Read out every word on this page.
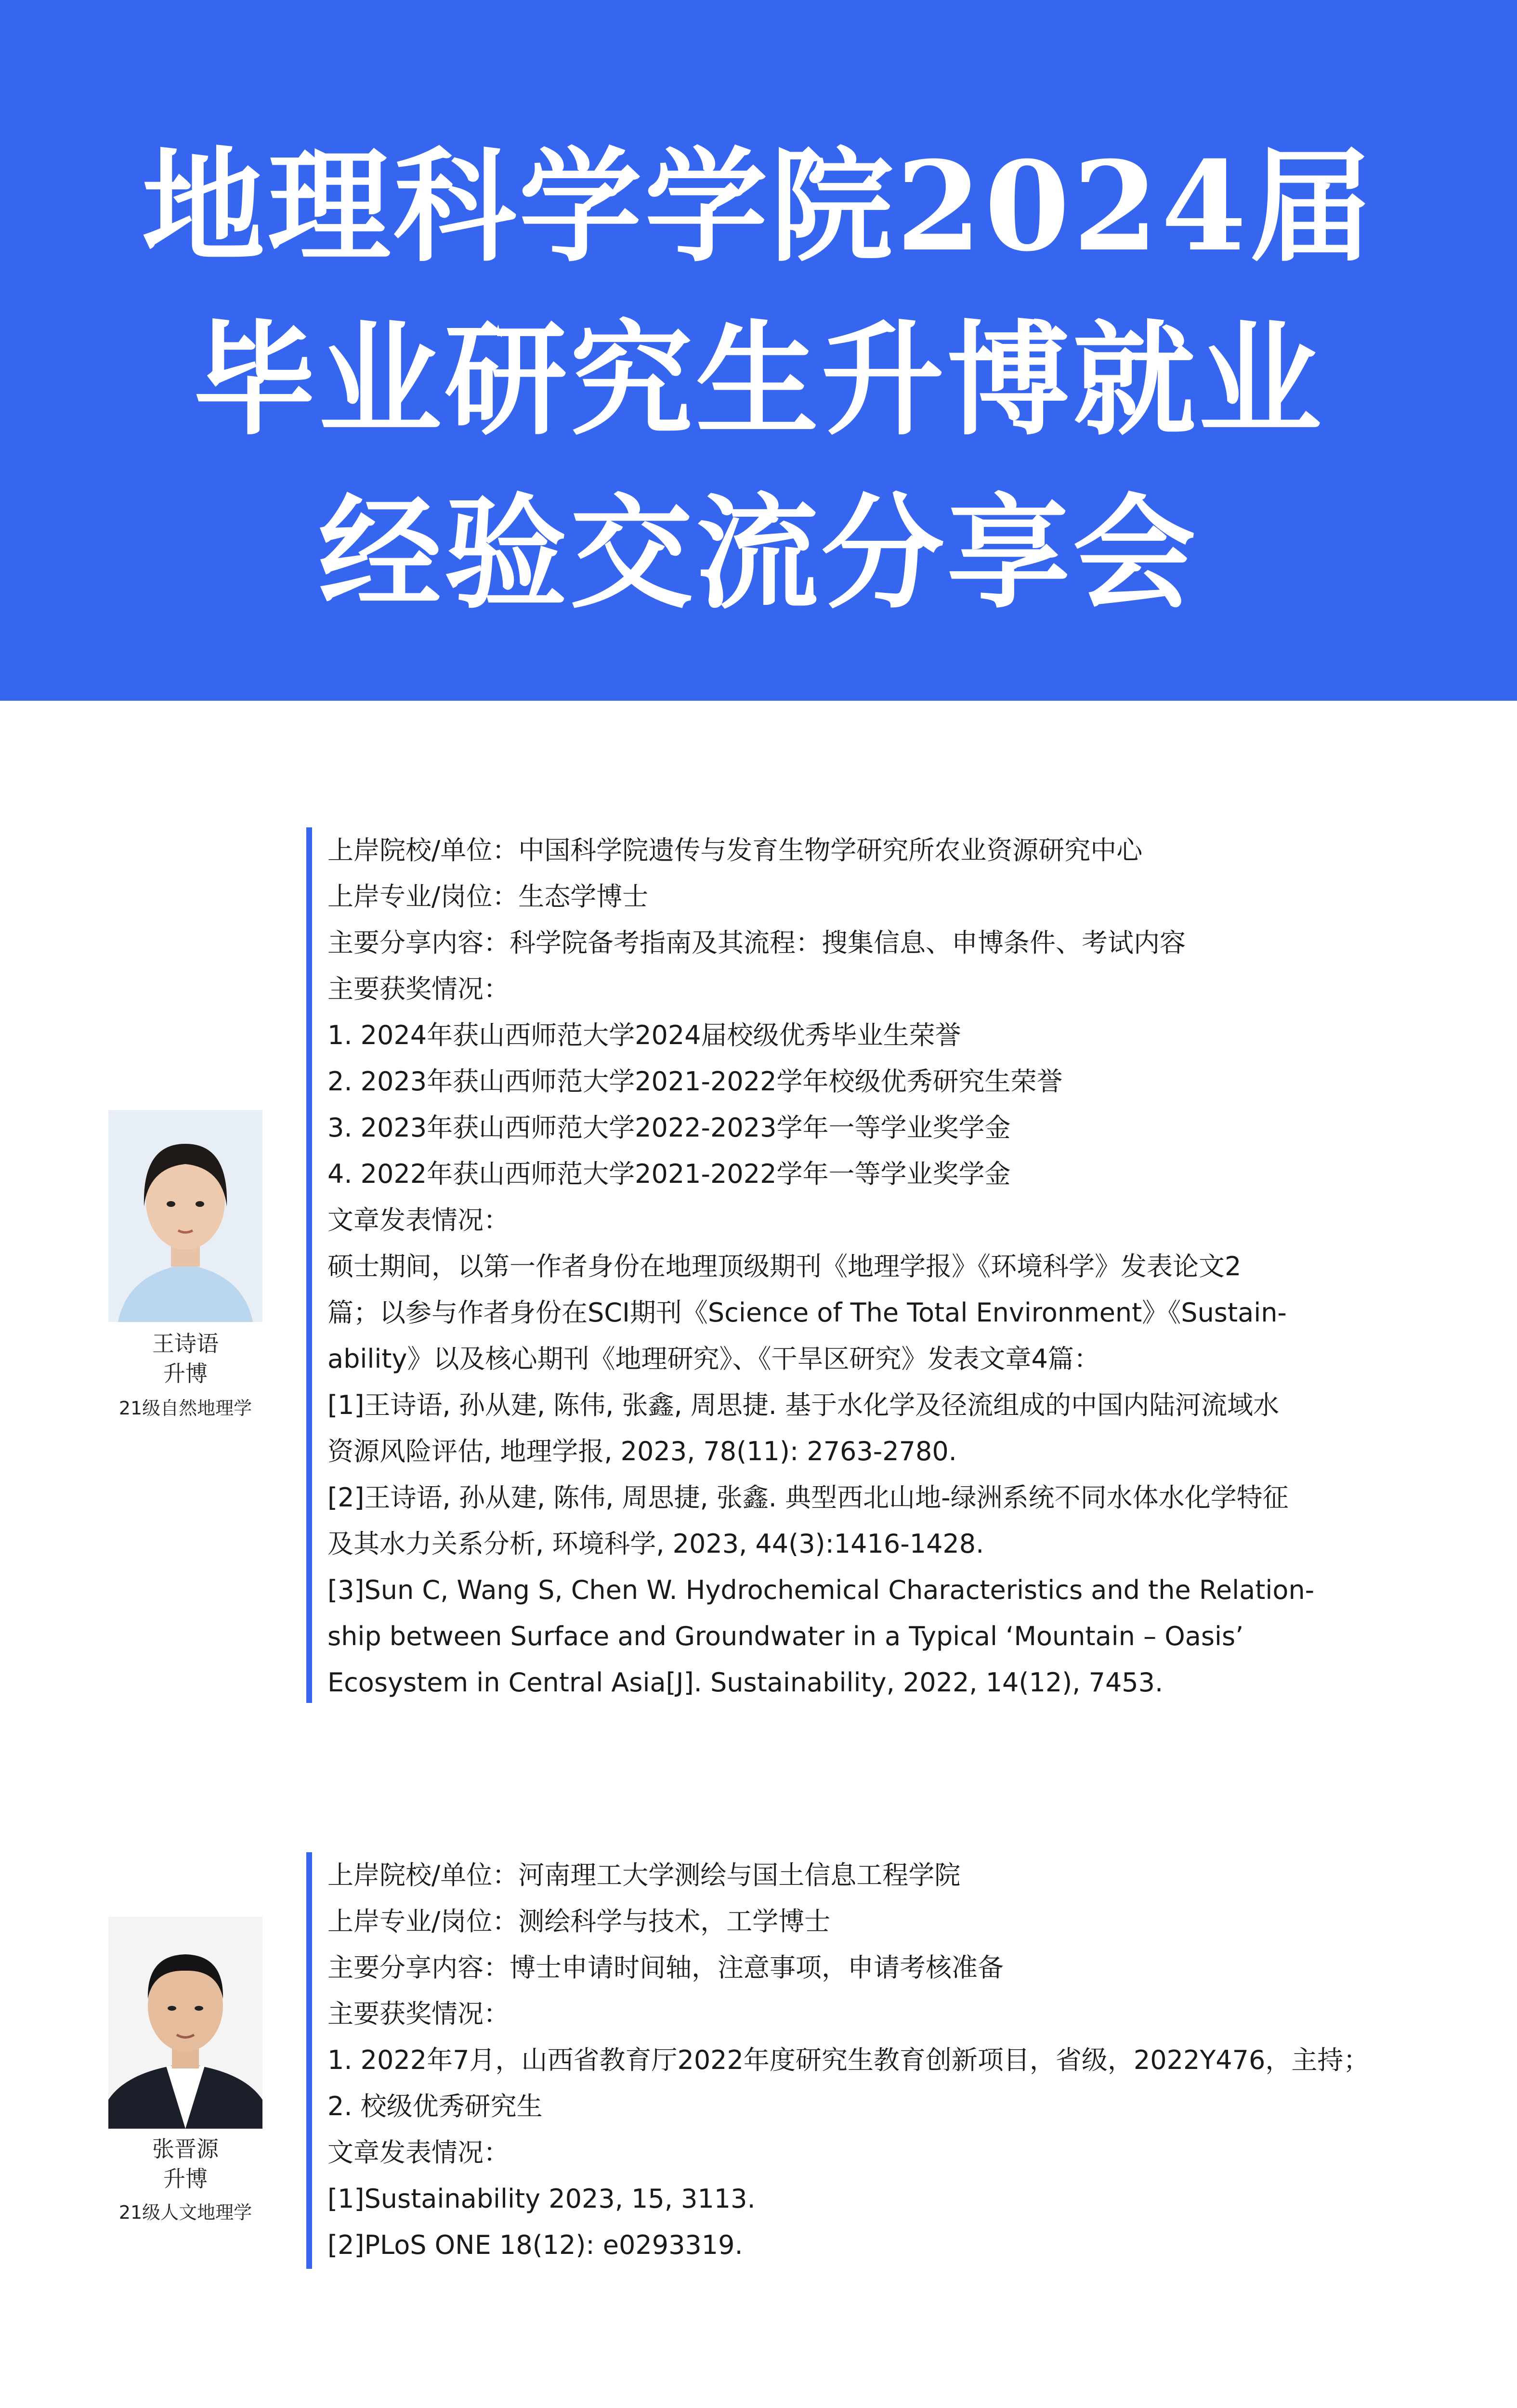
地理科学学院2024届
毕业研究生升博就业
经验交流分享会
王诗语
升博
21级自然地理学
上岸院校/单位：中国科学院遗传与发育生物学研究所农业资源研究中心
上岸专业/岗位：生态学博士
主要分享内容：科学院备考指南及其流程：搜集信息、申博条件、考试内容
主要获奖情况：
1. 2024年获山西师范大学2024届校级优秀毕业生荣誉
2. 2023年获山西师范大学2021-2022学年校级优秀研究生荣誉
3. 2023年获山西师范大学2022-2023学年一等学业奖学金
4. 2022年获山西师范大学2021-2022学年一等学业奖学金
文章发表情况：
硕士期间，以第一作者身份在地理顶级期刊《地理学报》《环境科学》发表论文2
篇；以参与作者身份在SCI期刊《Science of The Total Environment》《Sustain-
ability》以及核心期刊《地理研究》、《干旱区研究》发表文章4篇：
[1]王诗语, 孙从建, 陈伟, 张鑫, 周思捷. 基于水化学及径流组成的中国内陆河流域水
资源风险评估, 地理学报, 2023, 78(11): 2763-2780.
[2]王诗语, 孙从建, 陈伟, 周思捷, 张鑫. 典型西北山地-绿洲系统不同水体水化学特征
及其水力关系分析, 环境科学, 2023, 44(3):1416-1428.
[3]Sun C, Wang S, Chen W. Hydrochemical Characteristics and the Relation-
ship between Surface and Groundwater in a Typical ‘Mountain – Oasis’
Ecosystem in Central Asia[J]. Sustainability, 2022, 14(12), 7453.
张晋源
升博
21级人文地理学
上岸院校/单位：河南理工大学测绘与国土信息工程学院
上岸专业/岗位：测绘科学与技术，工学博士
主要分享内容：博士申请时间轴，注意事项，申请考核准备
主要获奖情况：
1. 2022年7月，山西省教育厅2022年度研究生教育创新项目，省级，2022Y476，主持；
2. 校级优秀研究生
文章发表情况：
[1]Sustainability 2023, 15, 3113.
[2]PLoS ONE 18(12): e0293319.
